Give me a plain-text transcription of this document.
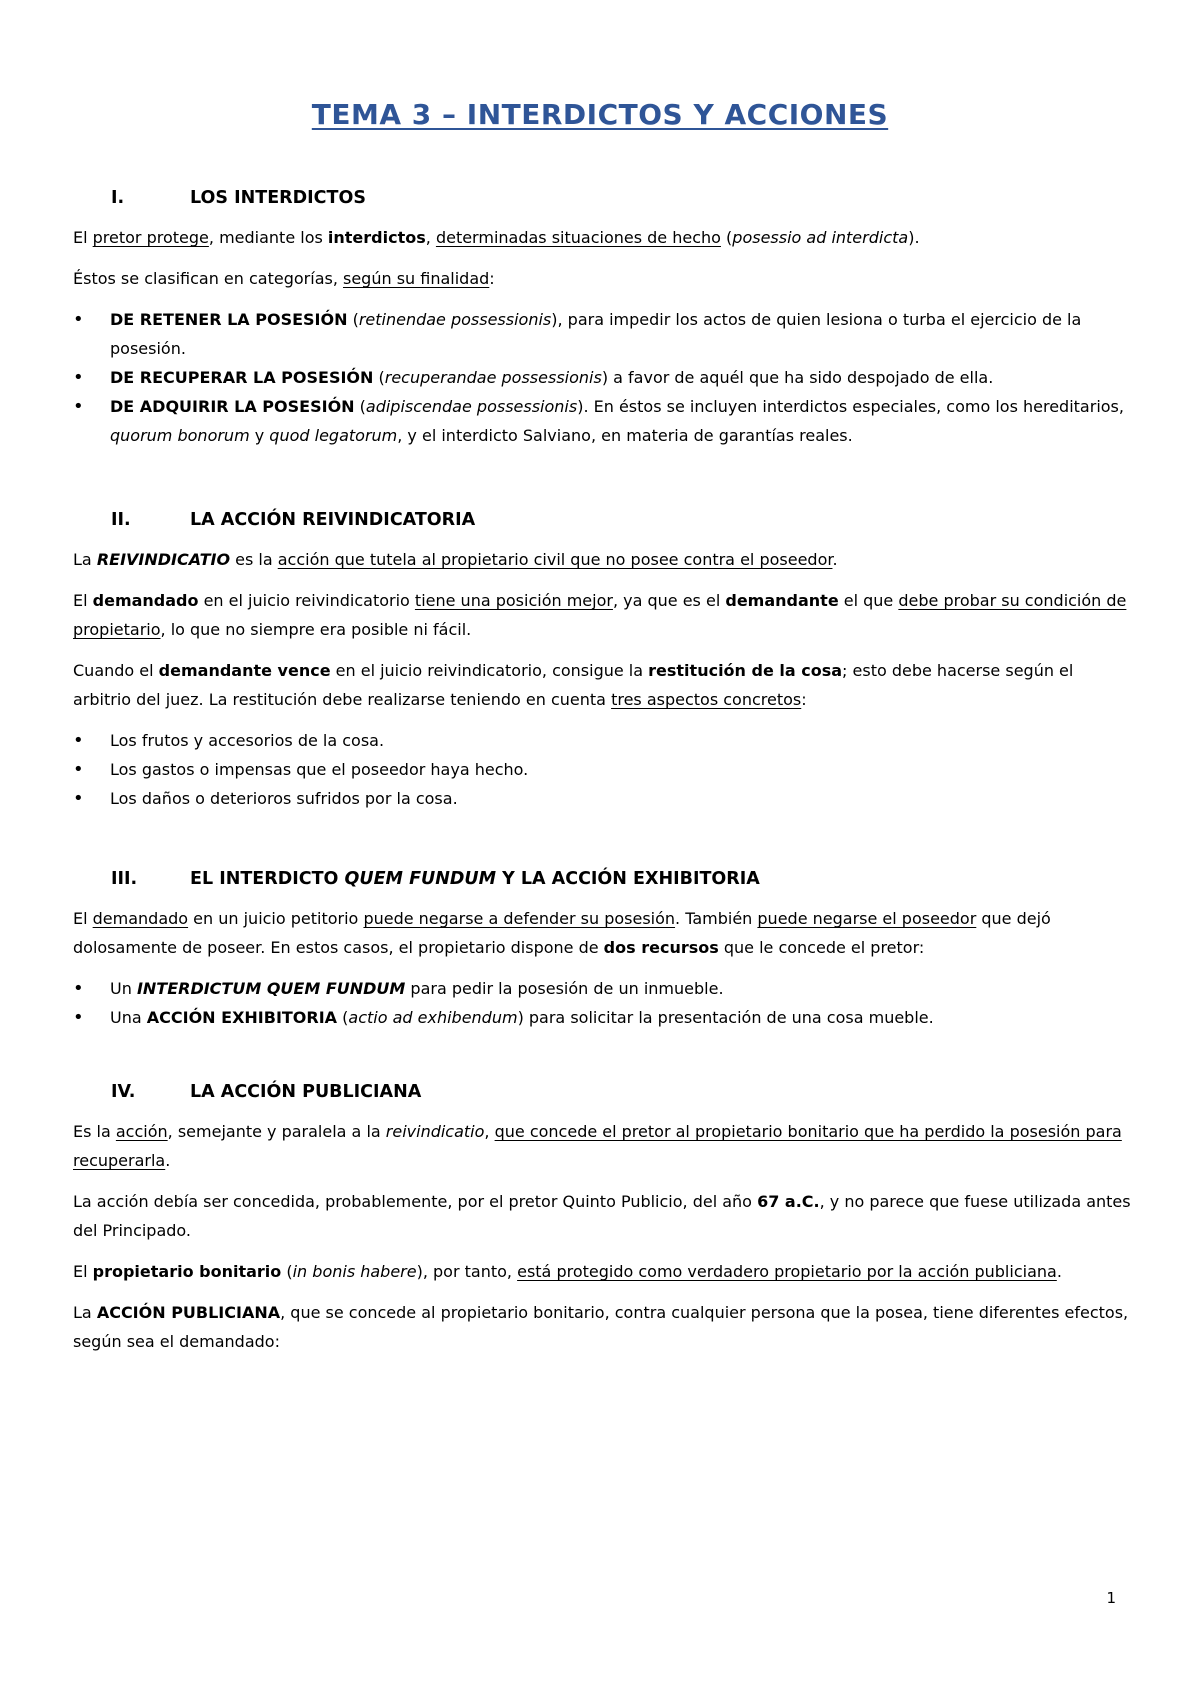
TEMA 3 – INTERDICTOS Y ACCIONES
I.	LOS INTERDICTOS

El pretor protege, mediante los interdictos, determinadas situaciones de hecho (posessio ad interdicta).

Éstos se clasifican en categorías, según su finalidad:

• DE RETENER LA POSESIÓN (retinendae possessionis), para impedir los actos de quien lesiona o turba el ejercicio de la posesión.
• DE RECUPERAR LA POSESIÓN (recuperandae possessionis) a favor de aquél que ha sido despojado de ella.
• DE ADQUIRIR LA POSESIÓN (adipiscendae possessionis). En éstos se incluyen interdictos especiales, como los hereditarios, quorum bonorum y quod legatorum, y el interdicto Salviano, en materia de garantías reales.
II.	LA ACCIÓN REIVINDICATORIA

La REIVINDICATIO es la acción que tutela al propietario civil que no posee contra el poseedor.

El demandado en el juicio reivindicatorio tiene una posición mejor, ya que es el demandante el que debe probar su condición de propietario, lo que no siempre era posible ni fácil.

Cuando el demandante vence en el juicio reivindicatorio, consigue la restitución de la cosa; esto debe hacerse según el arbitrio del juez. La restitución debe realizarse teniendo en cuenta tres aspectos concretos:

• Los frutos y accesorios de la cosa.
• Los gastos o impensas que el poseedor haya hecho.
• Los daños o deterioros sufridos por la cosa.
III.	EL INTERDICTO QUEM FUNDUM Y LA ACCIÓN EXHIBITORIA

El demandado en un juicio petitorio puede negarse a defender su posesión. También puede negarse el poseedor que dejó dolosamente de poseer. En estos casos, el propietario dispone de dos recursos que le concede el pretor:

• Un INTERDICTUM QUEM FUNDUM para pedir la posesión de un inmueble.
• Una ACCIÓN EXHIBITORIA (actio ad exhibendum) para solicitar la presentación de una cosa mueble.
IV.	LA ACCIÓN PUBLICIANA

Es la acción, semejante y paralela a la reivindicatio, que concede el pretor al propietario bonitario que ha perdido la posesión para recuperarla.

La acción debía ser concedida, probablemente, por el pretor Quinto Publicio, del año 67 a.C., y no parece que fuese utilizada antes del Principado.

El propietario bonitario (in bonis habere), por tanto, está protegido como verdadero propietario por la acción publiciana.

La ACCIÓN PUBLICIANA, que se concede al propietario bonitario, contra cualquier persona que la posea, tiene diferentes efectos, según sea el demandado:

1
